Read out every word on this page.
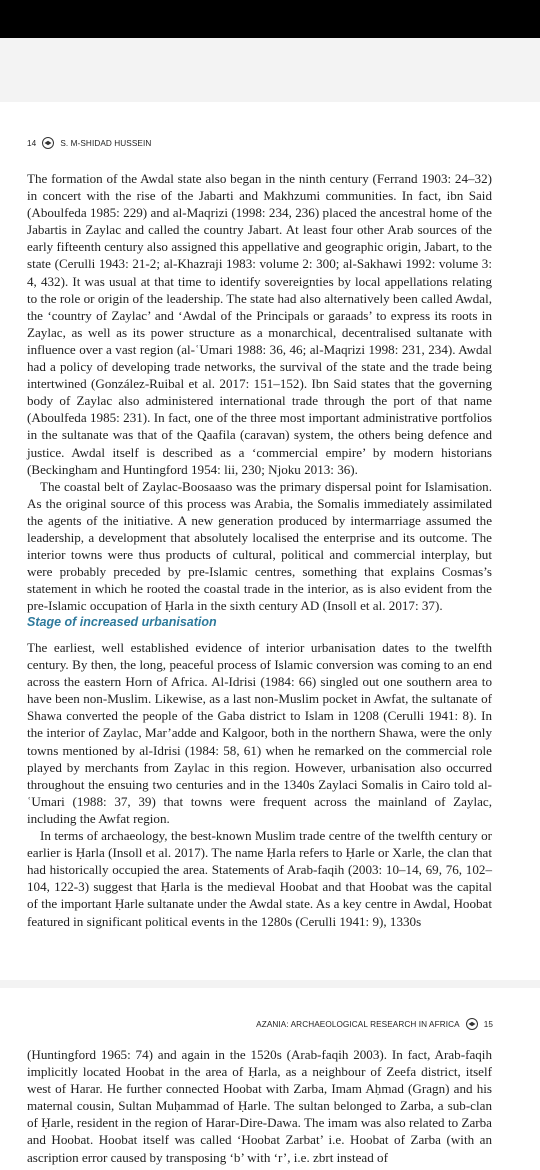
14	S. M-SHIDAD HUSSEIN

The formation of the Awdal state also began in the ninth century (Ferrand 1903: 24–32) in concert with the rise of the Jabarti and Makhzumi communities. In fact, ibn Said (Aboulfeda 1985: 229) and al-Maqrizi (1998: 234, 236) placed the ancestral home of the Jabartis in Zaylac and called the country Jabart. At least four other Arab sources of the early fifteenth century also assigned this appellative and geographic origin, Jabart, to the state (Cerulli 1943: 21-2; al-Khazraji 1983: volume 2: 300; al-Sakhawi 1992: volume 3: 4, 432). It was usual at that time to identify sovereignties by local appellations relating to the role or origin of the leadership. The state had also alternatively been called Awdal, the ‘country of Zaylac’ and ‘Awdal of the Principals or garaads’ to express its roots in Zaylac, as well as its power structure as a monarchical, decentralised sultanate with influence over a vast region (al-ʿUmari 1988: 36, 46; al-Maqrizi 1998: 231, 234). Awdal had a policy of developing trade networks, the survival of the state and the trade being intertwined (González-Ruibal et al. 2017: 151–152). Ibn Said states that the governing body of Zaylac also administered international trade through the port of that name (Aboulfeda 1985: 231). In fact, one of the three most important administrative portfolios in the sultanate was that of the Qaafila (caravan) system, the others being defence and justice. Awdal itself is described as a ‘commercial empire’ by modern historians (Beckingham and Huntingford 1954: lii, 230; Njoku 2013: 36).

The coastal belt of Zaylac-Boosaaso was the primary dispersal point for Islamisation. As the original source of this process was Arabia, the Somalis immediately assimilated the agents of the initiative. A new generation produced by intermarriage assumed the leadership, a development that absolutely localised the enterprise and its outcome. The interior towns were thus products of cultural, political and commercial interplay, but were probably preceded by pre-Islamic centres, something that explains Cosmas’s statement in which he rooted the coastal trade in the interior, as is also evident from the pre-Islamic occupation of Ḥarla in the sixth century AD (Insoll et al. 2017: 37).

Stage of increased urbanisation

The earliest, well established evidence of interior urbanisation dates to the twelfth century. By then, the long, peaceful process of Islamic conversion was coming to an end across the eastern Horn of Africa. Al-Idrisi (1984: 66) singled out one southern area to have been non-Muslim. Likewise, as a last non-Muslim pocket in Awfat, the sultanate of Shawa converted the people of the Gaba district to Islam in 1208 (Cerulli 1941: 8). In the interior of Zaylac, Mar’adde and Kalgoor, both in the northern Shawa, were the only towns mentioned by al-Idrisi (1984: 58, 61) when he remarked on the commercial role played by merchants from Zaylac in this region. However, urbanisation also occurred throughout the ensuing two centuries and in the 1340s Zaylaci Somalis in Cairo told al-ʿUmari (1988: 37, 39) that towns were frequent across the mainland of Zaylac, including the Awfat region.

In terms of archaeology, the best-known Muslim trade centre of the twelfth century or earlier is Ḥarla (Insoll et al. 2017). The name Ḥarla refers to Ḥarle or Xarle, the clan that had historically occupied the area. Statements of Arab-faqih (2003: 10–14, 69, 76, 102–104, 122-3) suggest that Ḥarla is the medieval Hoobat and that Hoobat was the capital of the important Ḥarle sultanate under the Awdal state. As a key centre in Awdal, Hoobat featured in significant political events in the 1280s (Cerulli 1941: 9), 1330s

AZANIA: ARCHAEOLOGICAL RESEARCH IN AFRICA	15

(Huntingford 1965: 74) and again in the 1520s (Arab-faqih 2003). In fact, Arab-faqih implicitly located Hoobat in the area of Ḥarla, as a neighbour of Zeefa district, itself west of Harar. He further connected Hoobat with Zarba, Imam Aḥmad (Gragn) and his maternal cousin, Sultan Muḥammad of Ḥarle. The sultan belonged to Zarba, a sub-clan of Ḥarle, resident in the region of Harar-Dire-Dawa. The imam was also related to Zarba and Hoobat. Hoobat itself was called ‘Hoobat Zarbat’ i.e. Hoobat of Zarba (with an ascription error caused by transposing ‘b’ with ‘r’, i.e. zbrt instead of
